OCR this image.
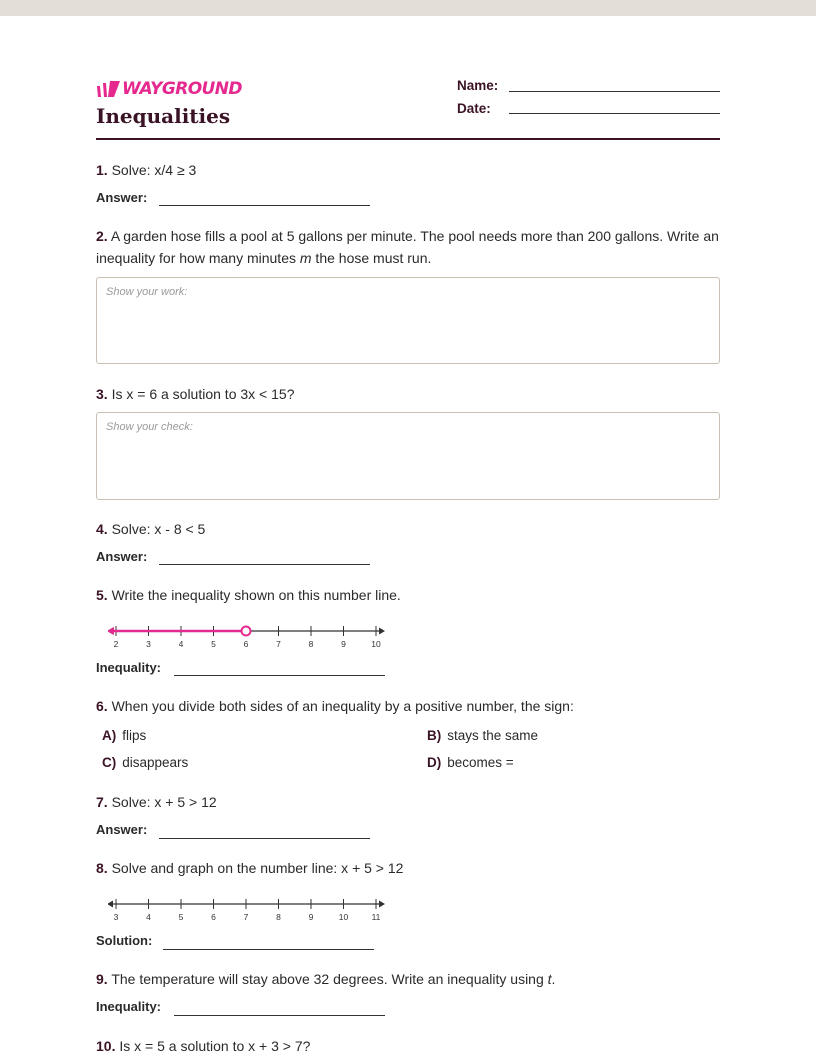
WAYGROUND
Inequalities
Name:
Date:
1. Solve: x/4 ≥ 3
Answer:
2. A garden hose fills a pool at 5 gallons per minute. The pool needs more than 200 gallons. Write an inequality for how many minutes m the hose must run.
Show your work:
3. Is x = 6 a solution to 3x < 15?
Show your check:
4. Solve: x - 8 < 5
Answer:
5. Write the inequality shown on this number line.
2	3	4	5	6	7	8	9	10
Inequality:
6. When you divide both sides of an inequality by a positive number, the sign:
A) flips	B) stays the same
C) disappears	D) becomes =
7. Solve: x + 5 > 12
Answer:
8. Solve and graph on the number line: x + 5 > 12
3	4	5	6	7	8	9	10	11
Solution:
9. The temperature will stay above 32 degrees. Write an inequality using t.
Inequality:
10. Is x = 5 a solution to x + 3 > 7?
